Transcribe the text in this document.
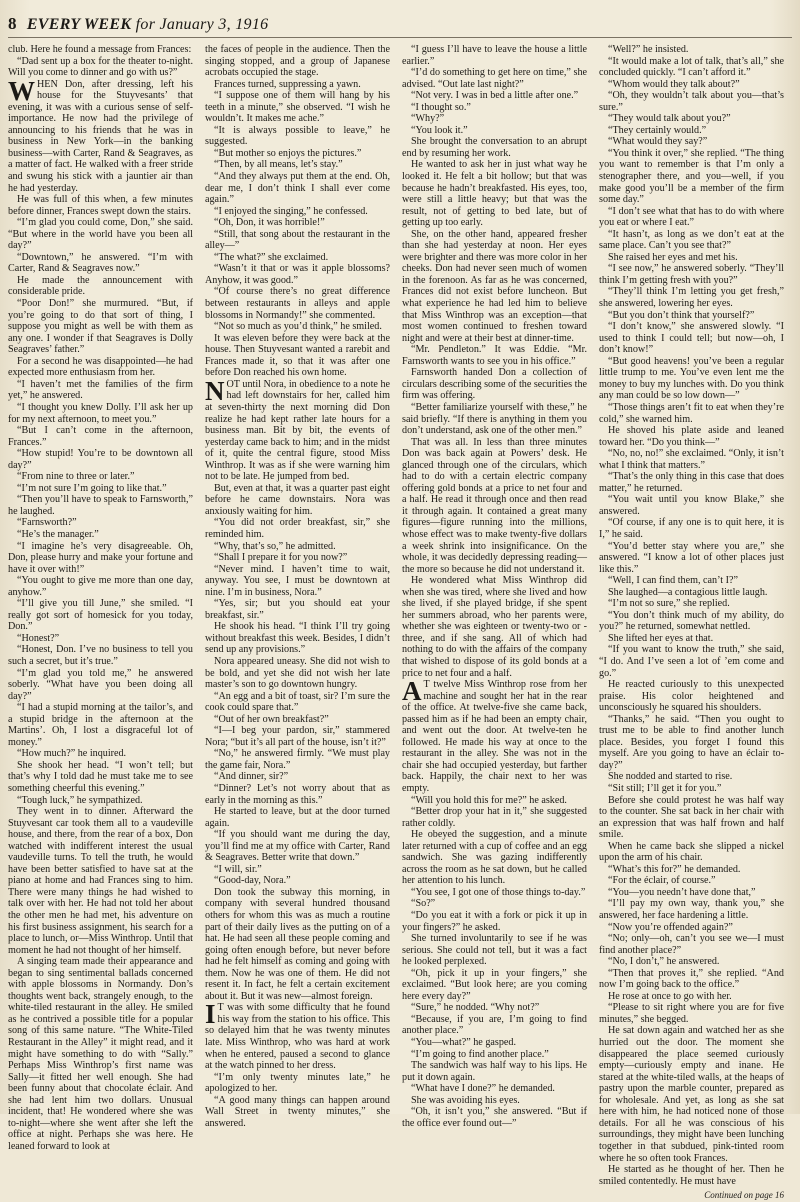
8 EVERY WEEK
for January 3, 1916

club. Here he found a message from Frances:

“Dad sent up a box for the theater to-night. Will you come to dinner and go with us?”

WHEN Don, after dressing, left his house for the Stuyvesants’ that evening, it was with a curious sense of self-importance. He now had the privilege of announcing to his friends that he was in business in New York—in the banking business—with Carter, Rand & Seagraves, as a matter of fact. He walked with a freer stride and swung his stick with a jauntier air than he had yesterday.

He was full of this when, a few minutes before dinner, Frances swept down the stairs.

“I’m glad you could come, Don,” she said. “But where in the world have you been all day?”

“Downtown,” he answered. “I’m with Carter, Rand & Seagraves now.”

He made the announcement with considerable pride.

“Poor Don!” she murmured. “But, if you’re going to do that sort of thing, I suppose you might as well be with them as any one. I wonder if that Seagraves is Dolly Seagraves’ father.”

For a second he was disappointed—he had expected more enthusiasm from her.

“I haven’t met the families of the firm yet,” he answered.

“I thought you knew Dolly. I’ll ask her up for my next afternoon, to meet you.”

“But I can’t come in the afternoon, Frances.”

“How stupid! You’re to be downtown all day?”

“From nine to three or later.”

“I’m not sure I’m going to like that.”

“Then you’ll have to speak to Farnsworth,” he laughed.

“Farnsworth?”

“He’s the manager.”

“I imagine he’s very disagreeable. Oh, Don, please hurry and make your fortune and have it over with!”

“You ought to give me more than one day, anyhow.”

“I’ll give you till June,” she smiled. “I really got sort of homesick for you today, Don.”

“Honest?”

“Honest, Don. I’ve no business to tell you such a secret, but it’s true.”

“I’m glad you told me,” he answered soberly. “What have you been doing all day?”

“I had a stupid morning at the tailor’s, and a stupid bridge in the afternoon at the Martins’. Oh, I lost a disgraceful lot of money.”

“How much?” he inquired.

She shook her head. “I won’t tell; but that’s why I told dad he must take me to see something cheerful this evening.”

“Tough luck,” he sympathized.

They went in to dinner. Afterward the Stuyvesant car took them all to a vaudeville house, and there, from the rear of a box, Don watched with indifferent interest the usual vaudeville turns. To tell the truth, he would have been better satisfied to have sat at the piano at home and had Frances sing to him. There were many things he had wished to talk over with her. He had not told her about the other men he had met, his adventure on his first business assignment, his search for a place to lunch, or—Miss Winthrop. Until that moment he had not thought of her himself.

A singing team made their appearance and began to sing sentimental ballads concerned with apple blossoms in Normandy. Don’s thoughts went back, strangely enough, to the white-tiled restaurant in the alley. He smiled as he contrived a possible title for a popular song of this same nature. “The White-Tiled Restaurant in the Alley” it might read, and it might have something to do with “Sally.” Perhaps Miss Winthrop’s first name was Sally—it fitted her well enough. She had been funny about that chocolate éclair. And she had lent him two dollars. Unusual incident, that! He wondered where she was to-night—where she went after she left the office at night. Perhaps she was here. He leaned forward to look at

the faces of people in the audience. Then the singing stopped, and a group of Japanese acrobats occupied the stage.

Frances turned, suppressing a yawn.

“I suppose one of them will hang by his teeth in a minute,” she observed. “I wish he wouldn’t. It makes me ache.”

“It is always possible to leave,” he suggested.

“But mother so enjoys the pictures.”

“Then, by all means, let’s stay.”

“And they always put them at the end. Oh, dear me, I don’t think I shall ever come again.”

“I enjoyed the singing,” he confessed.

“Oh, Don, it was horrible!”

“Still, that song about the restaurant in the alley—”

“The what?” she exclaimed.

“Wasn’t it that or was it apple blossoms? Anyhow, it was good.”

“Of course there’s no great difference between restaurants in alleys and apple blossoms in Normandy!” she commented.

“Not so much as you’d think,” he smiled.

It was eleven before they were back at the house. Then Stuyvesant wanted a rarebit and Frances made it, so that it was after one before Don reached his own home.

NOT until Nora, in obedience to a note he had left downstairs for her, called him at seven-thirty the next morning did Don realize he had kept rather late hours for a business man. Bit by bit, the events of yesterday came back to him; and in the midst of it, quite the central figure, stood Miss Winthrop. It was as if she were warning him not to be late. He jumped from bed.

But, even at that, it was a quarter past eight before he came downstairs. Nora was anxiously waiting for him.

“You did not order breakfast, sir,” she reminded him.

“Why, that’s so,” he admitted.

“Shall I prepare it for you now?”

“Never mind. I haven’t time to wait, anyway. You see, I must be downtown at nine. I’m in business, Nora.”

“Yes, sir; but you should eat your breakfast, sir.”

He shook his head. “I think I’ll try going without breakfast this week. Besides, I didn’t send up any provisions.”

Nora appeared uneasy. She did not wish to be bold, and yet she did not wish her late master’s son to go downtown hungry.

“An egg and a bit of toast, sir? I’m sure the cook could spare that.”

“Out of her own breakfast?”

“I—I beg your pardon, sir,” stammered Nora; “but it’s all part of the house, isn’t it?”

“No,” he answered firmly. “We must play the game fair, Nora.”

“And dinner, sir?”

“Dinner? Let’s not worry about that as early in the morning as this.”

He started to leave, but at the door turned again.

“If you should want me during the day, you’ll find me at my office with Carter, Rand & Seagraves. Better write that down.”

“I will, sir.”

“Good-day, Nora.”

Don took the subway this morning, in company with several hundred thousand others for whom this was as much a routine part of their daily lives as the putting on of a hat. He had seen all these people coming and going often enough before, but never before had he felt himself as coming and going with them. Now he was one of them. He did not resent it. In fact, he felt a certain excitement about it. But it was new—almost foreign.

I T was with some difficulty that he found his way from the station to his office. This so delayed him that he was twenty minutes late. Miss Winthrop, who was hard at work when he entered, paused a second to glance at the watch pinned to her dress.

“I’m only twenty minutes late,” he apologized to her.

“A good many things can happen around Wall Street in twenty minutes,” she answered.

“I guess I’ll have to leave the house a little earlier.”

“I’d do something to get here on time,” she advised. “Out late last night?”

“Not very. I was in bed a little after one.”

“I thought so.”

“Why?”

“You look it.”

She brought the conversation to an abrupt end by resuming her work.

He wanted to ask her in just what way he looked it. He felt a bit hollow; but that was because he hadn’t breakfasted. His eyes, too, were still a little heavy; but that was the result, not of getting to bed late, but of getting up too early.

She, on the other hand, appeared fresher than she had yesterday at noon. Her eyes were brighter and there was more color in her cheeks. Don had never seen much of women in the forenoon. As far as he was concerned, Frances did not exist before luncheon. But what experience he had led him to believe that Miss Winthrop was an exception—that most women continued to freshen toward night and were at their best at dinner-time.

“Mr. Pendleton.” It was Eddie. “Mr. Farnsworth wants to see you in his office.”

Farnsworth handed Don a collection of circulars describing some of the securities the firm was offering.

“Better familiarize yourself with these,” he said briefly. “If there is anything in them you don’t understand, ask one of the other men.”

That was all. In less than three minutes Don was back again at Powers’ desk. He glanced through one of the circulars, which had to do with a certain electric company offering gold bonds at a price to net four and a half. He read it through once and then read it through again. It contained a great many figures—figure running into the millions, whose effect was to make twenty-five dollars a week shrink into insignificance. On the whole, it was decidedly depressing reading—the more so because he did not understand it.

He wondered what Miss Winthrop did when she was tired, where she lived and how she lived, if she played bridge, if she spent her summers abroad, who her parents were, whether she was eighteen or twenty-two or -three, and if she sang. All of which had nothing to do with the affairs of the company that wished to dispose of its gold bonds at a price to net four and a half.

A T twelve Miss Winthrop rose from her machine and sought her hat in the rear of the office. At twelve-five she came back, passed him as if he had been an empty chair, and went out the door. At twelve-ten he followed. He made his way at once to the restaurant in the alley. She was not in the chair she had occupied yesterday, but farther back. Happily, the chair next to her was empty.

“Will you hold this for me?” he asked.

“Better drop your hat in it,” she suggested rather coldly.

He obeyed the suggestion, and a minute later returned with a cup of coffee and an egg sandwich. She was gazing indifferently across the room as he sat down, but he called her attention to his lunch.

“You see, I got one of those things to-day.”

“So?”

“Do you eat it with a fork or pick it up in your fingers?” he asked.

She turned involuntarily to see if he was serious. She could not tell, but it was a fact he looked perplexed.

“Oh, pick it up in your fingers,” she exclaimed. “But look here; are you coming here every day?”

“Sure,” he nodded. “Why not?”

“Because, if you are, I’m going to find another place.”

“You—what?” he gasped.

“I’m going to find another place.”

The sandwich was half way to his lips. He put it down again.

“What have I done?” he demanded.

She was avoiding his eyes.

“Oh, it isn’t you,” she answered. “But if the office ever found out—”

“Well?” he insisted.

“It would make a lot of talk, that’s all,” she concluded quickly. “I can’t afford it.”

“Whom would they talk about?”

“Oh, they wouldn’t talk about you—that’s sure.”

“They would talk about you?”

“They certainly would.”

“What would they say?”

“You think it over,” she replied. “The thing you want to remember is that I’m only a stenographer there, and you—well, if you make good you’ll be a member of the firm some day.”

“I don’t see what that has to do with where you eat or where I eat.”

“It hasn’t, as long as we don’t eat at the same place. Can’t you see that?”

She raised her eyes and met his.

“I see now,” he answered soberly. “They’ll think I’m getting fresh with you?”

“They’ll think I’m letting you get fresh,” she answered, lowering her eyes.

“But you don’t think that yourself?”

“I don’t know,” she answered slowly. “I used to think I could tell; but now—oh, I don’t know!”

“But good heavens! you’ve been a regular little trump to me. You’ve even lent me the money to buy my lunches with. Do you think any man could be so low down—”

“Those things aren’t fit to eat when they’re cold,” she warned him.

He shoved his plate aside and leaned toward her. “Do you think—”

“No, no, no!” she exclaimed. “Only, it isn’t what I think that matters.”

“That’s the only thing in this case that does matter,” he returned.

“You wait until you know Blake,” she answered.

“Of course, if any one is to quit here, it is I,” he said.

“You’d better stay where you are,” she answered. “I know a lot of other places just like this.”

“Well, I can find them, can’t I?”

She laughed—a contagious little laugh.

“I’m not so sure,” she replied.

“You don’t think much of my ability, do you?” he returned, somewhat nettled.

She lifted her eyes at that.

“If you want to know the truth,” she said, “I do. And I’ve seen a lot of ’em come and go.”

He reacted curiously to this unexpected praise. His color heightened and unconsciously he squared his shoulders.

“Thanks,” he said. “Then you ought to trust me to be able to find another lunch place. Besides, you forget I found this myself. Are you going to have an éclair to-day?”

She nodded and started to rise.

“Sit still; I’ll get it for you.”

Before she could protest he was half way to the counter. She sat back in her chair with an expression that was half frown and half smile.

When he came back she slipped a nickel upon the arm of his chair.

“What’s this for?” he demanded.

“For the éclair, of course.”

“You—you needn’t have done that,”

“I’ll pay my own way, thank you,” she answered, her face hardening a little.

“Now you’re offended again?”

“No; only—oh, can’t you see we—I must find another place?”

“No, I don’t,” he answered.

“Then that proves it,” she replied. “And now I’m going back to the office.”

He rose at once to go with her.

“Please to sit right where you are for five minutes,” she begged.

He sat down again and watched her as she hurried out the door. The moment she disappeared the place seemed curiously empty—curiously empty and inane. He stared at the white-tiled walls, at the heaps of pastry upon the marble counter, prepared as for wholesale. And yet, as long as she sat here with him, he had noticed none of those details. For all he was conscious of his surroundings, they might have been lunching together in that subdued, pink-tinted room where he so often took Frances.

He started as he thought of her. Then he smiled contentedly. He must have

Continued on page 16
